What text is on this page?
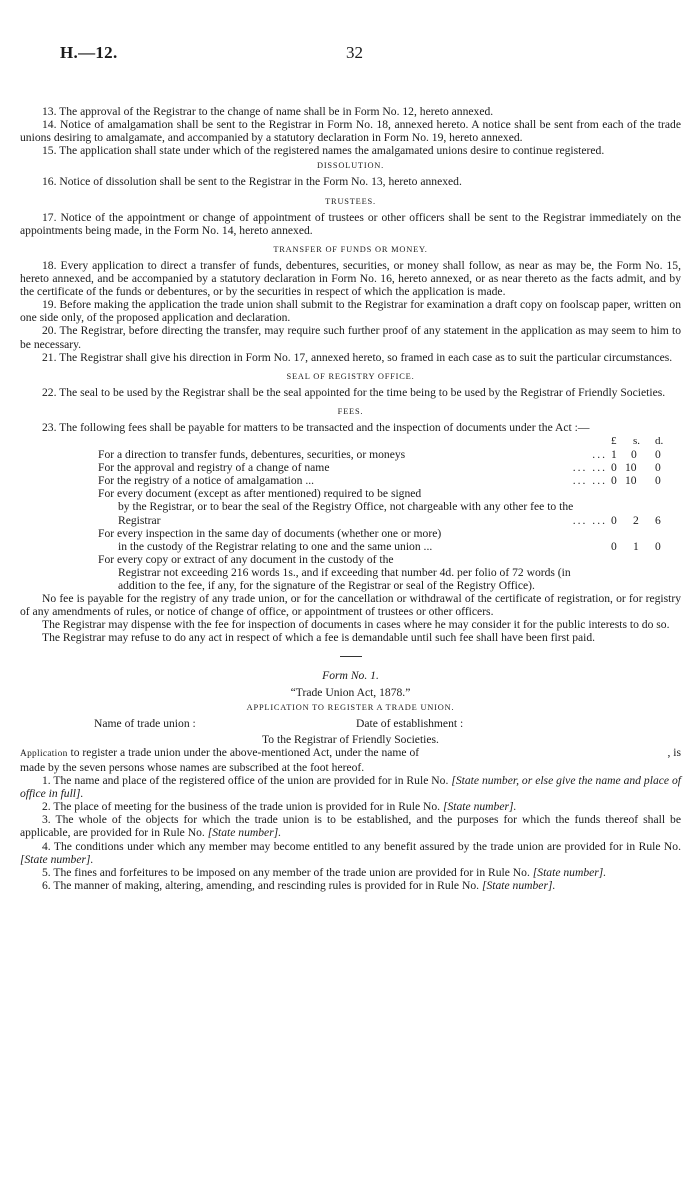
H.—12.	32

13. The approval of the Registrar to the change of name shall be in Form No. 12, hereto annexed.

14. Notice of amalgamation shall be sent to the Registrar in Form No. 18, annexed hereto. A notice shall be sent from each of the trade unions desiring to amalgamate, and accompanied by a statutory declaration in Form No. 19, hereto annexed.

15. The application shall state under which of the registered names the amalgamated unions desire to continue registered.

DISSOLUTION.

16. Notice of dissolution shall be sent to the Registrar in the Form No. 13, hereto annexed.

TRUSTEES.

17. Notice of the appointment or change of appointment of trustees or other officers shall be sent to the Registrar immediately on the appointments being made, in the Form No. 14, hereto annexed.

TRANSFER OF FUNDS OR MONEY.

18. Every application to direct a transfer of funds, debentures, securities, or money shall follow, as near as may be, the Form No. 15, hereto annexed, and be accompanied by a statutory declaration in Form No. 16, hereto annexed, or as near thereto as the facts admit, and by the certificate of the funds or debentures, or by the securities in respect of which the application is made.

19. Before making the application the trade union shall submit to the Registrar for examination a draft copy on foolscap paper, written on one side only, of the proposed application and declaration.

20. The Registrar, before directing the transfer, may require such further proof of any statement in the application as may seem to him to be necessary.

21. The Registrar shall give his direction in Form No. 17, annexed hereto, so framed in each case as to suit the particular circumstances.

SEAL OF REGISTRY OFFICE.

22. The seal to be used by the Registrar shall be the seal appointed for the time being to be used by the Registrar of Friendly Societies.

FEES.

23. The following fees shall be payable for matters to be transacted and the inspection of documents under the Act :—

£ s. d.
For a direction to transfer funds, debentures, securities, or moneys	... 1 0 0
For the approval and registry of a change of name	... ... 0 10 0
For the registry of a notice of amalgamation ...	... ... 0 10 0
For every document (except as after mentioned) required to be signed
by the Registrar, or to bear the seal of the Registry Office, not chargeable with any other fee to the Registrar	... ... 0 2 6
For every inspection in the same day of documents (whether one or more)
in the custody of the Registrar relating to one and the same union ...	0 1 0
For every copy or extract of any document in the custody of the
Registrar not exceeding 216 words 1s., and if exceeding that number 4d. per folio of 72 words (in addition to the fee, if any, for the signature of the Registrar or seal of the Registry Office).

No fee is payable for the registry of any trade union, or for the cancellation or withdrawal of the certificate of registration, or for registry of any amendments of rules, or notice of change of office, or appointment of trustees or other officers.

The Registrar may dispense with the fee for inspection of documents in cases where he may consider it for the public interests to do so.

The Registrar may refuse to do any act in respect of which a fee is demandable until such fee shall have been first paid.

Form No. 1.

“Trade Union Act, 1878.”

APPLICATION TO REGISTER A TRADE UNION.

Name of trade union :	Date of establishment :

To the Registrar of Friendly Societies.

Application to register a trade union under the above-mentioned Act, under the name of	, is

made by the seven persons whose names are subscribed at the foot hereof.

1. The name and place of the registered office of the union are provided for in Rule No. [State number, or else give the name and place of office in full].

2. The place of meeting for the business of the trade union is provided for in Rule No. [State number].

3. The whole of the objects for which the trade union is to be established, and the purposes for which the funds thereof shall be applicable, are provided for in Rule No. [State number].

4. The conditions under which any member may become entitled to any benefit assured by the trade union are provided for in Rule No. [State number].

5. The fines and forfeitures to be imposed on any member of the trade union are provided for in Rule No. [State number].

6. The manner of making, altering, amending, and rescinding rules is provided for in Rule No. [State number].
